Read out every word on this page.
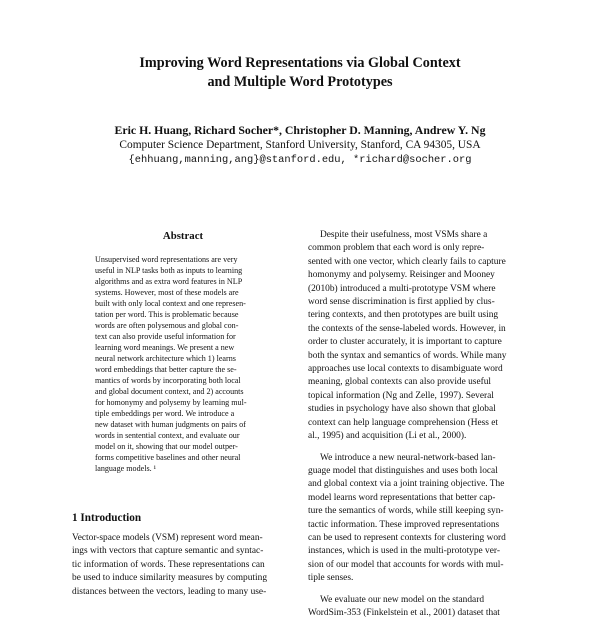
Improving Word Representations via Global Context
and Multiple Word Prototypes
Eric H. Huang, Richard Socher*, Christopher D. Manning, Andrew Y. Ng
Computer Science Department, Stanford University, Stanford, CA 94305, USA
{ehhuang,manning,ang}@stanford.edu, *richard@socher.org
Abstract
Unsupervised word representations are very
useful in NLP tasks both as inputs to learning
algorithms and as extra word features in NLP
systems. However, most of these models are
built with only local context and one represen-
tation per word. This is problematic because
words are often polysemous and global con-
text can also provide useful information for
learning word meanings. We present a new
neural network architecture which 1) learns
word embeddings that better capture the se-
mantics of words by incorporating both local
and global document context, and 2) accounts
for homonymy and polysemy by learning mul-
tiple embeddings per word. We introduce a
new dataset with human judgments on pairs of
words in sentential context, and evaluate our
model on it, showing that our model outper-
forms competitive baselines and other neural
language models. ¹
1 Introduction
Vector-space models (VSM) represent word mean-
ings with vectors that capture semantic and syntac-
tic information of words. These representations can
be used to induce similarity measures by computing
distances between the vectors, leading to many use-
Despite their usefulness, most VSMs share a
common problem that each word is only repre-
sented with one vector, which clearly fails to capture
homonymy and polysemy. Reisinger and Mooney
(2010b) introduced a multi-prototype VSM where
word sense discrimination is first applied by clus-
tering contexts, and then prototypes are built using
the contexts of the sense-labeled words. However, in
order to cluster accurately, it is important to capture
both the syntax and semantics of words. While many
approaches use local contexts to disambiguate word
meaning, global contexts can also provide useful
topical information (Ng and Zelle, 1997). Several
studies in psychology have also shown that global
context can help language comprehension (Hess et
al., 1995) and acquisition (Li et al., 2000).
We introduce a new neural-network-based lan-
guage model that distinguishes and uses both local
and global context via a joint training objective. The
model learns word representations that better cap-
ture the semantics of words, while still keeping syn-
tactic information. These improved representations
can be used to represent contexts for clustering word
instances, which is used in the multi-prototype ver-
sion of our model that accounts for words with mul-
tiple senses.
We evaluate our new model on the standard
WordSim-353 (Finkelstein et al., 2001) dataset that
